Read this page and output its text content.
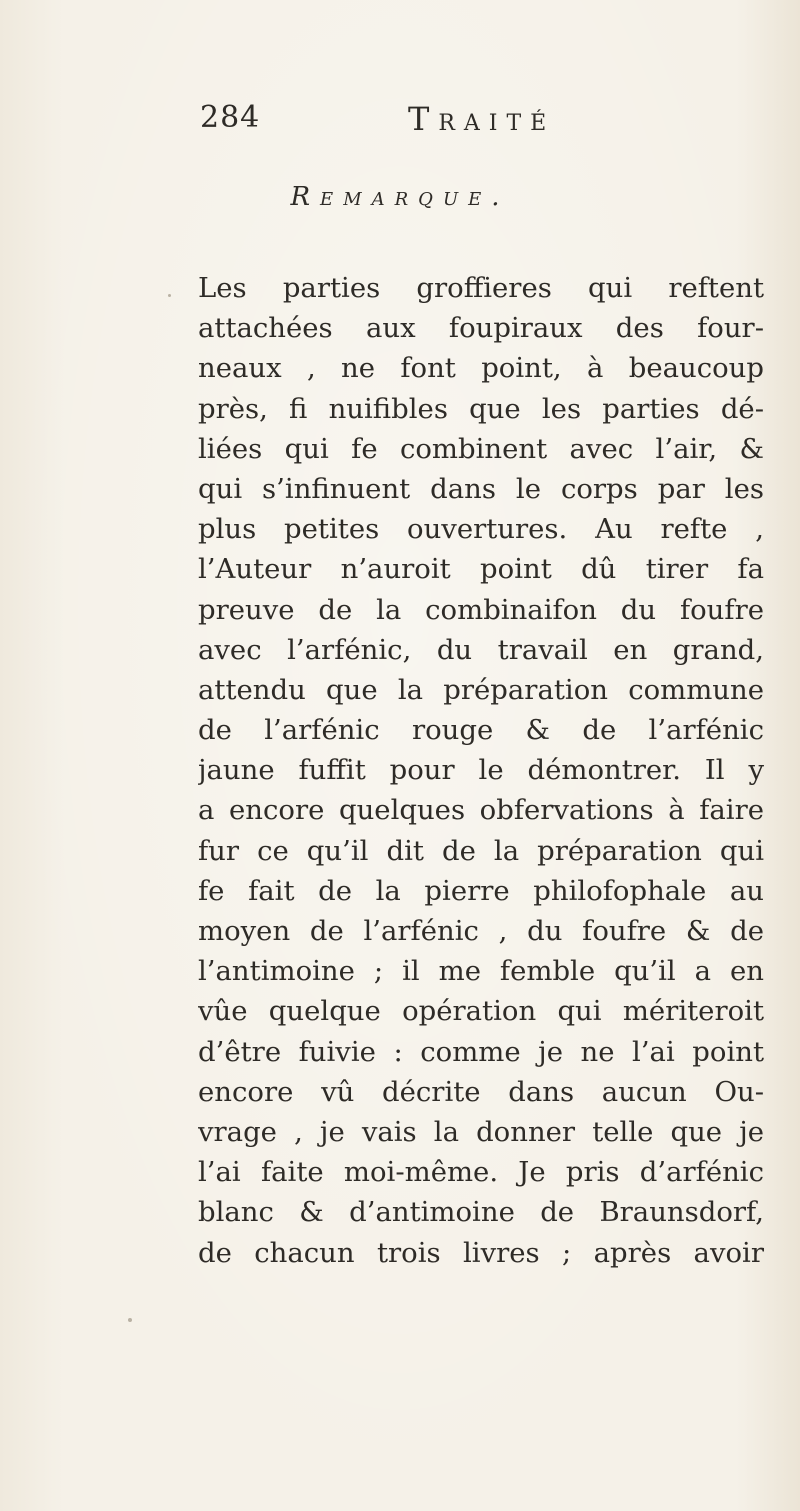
284	Traité
Remarque.
Les parties groffieres qui reftent
attachées aux foupiraux des four-
neaux , ne font point, à beaucoup
près, fi nuifibles que les parties dé-
liées qui fe combinent avec l’air, &
qui s’infinuent dans le corps par les
plus petites ouvertures. Au refte ,
l’Auteur n’auroit point dû tirer fa
preuve de la combinaifon du foufre
avec l’arfénic, du travail en grand,
attendu que la préparation commune
de l’arfénic rouge & de l’arfénic
jaune fuffit pour le démontrer. Il y
a encore quelques obfervations à faire
fur ce qu’il dit de la préparation qui
fe fait de la pierre philofophale au
moyen de l’arfénic , du foufre & de
l’antimoine ; il me femble qu’il a en
vûe quelque opération qui mériteroit
d’être fuivie : comme je ne l’ai point
encore vû décrite dans aucun Ou-
vrage , je vais la donner telle que je
l’ai faite moi-même. Je pris d’arfénic
blanc & d’antimoine de Braunsdorf,
de chacun trois livres ; après avoir
